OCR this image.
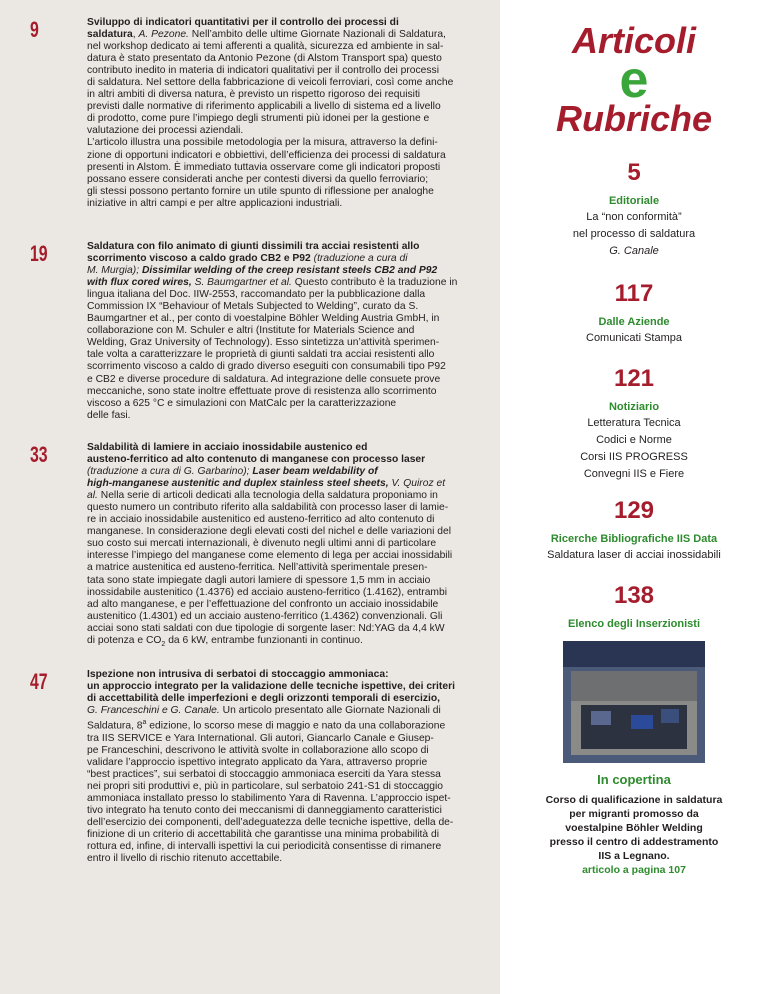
9	Sviluppo di indicatori quantitativi per il controllo dei processi di

saldatura, A. Pezone. Nell’ambito delle ultime Giornate Nazionali di Saldatura,

nel workshop dedicato ai temi afferenti a qualità, sicurezza ed ambiente in sal-

datura è stato presentato da Antonio Pezone (di Alstom Transport spa) questo

contributo inedito in materia di indicatori qualitativi per il controllo dei processi

di saldatura. Nel settore della fabbricazione di veicoli ferroviari, così come anche

in altri ambiti di diversa natura, è previsto un rispetto rigoroso dei requisiti

previsti dalle normative di riferimento applicabili a livello di sistema ed a livello

di prodotto, come pure l’impiego degli strumenti più idonei per la gestione e

valutazione dei processi aziendali.

L’articolo illustra una possibile metodologia per la misura, attraverso la defini-

zione di opportuni indicatori e obbiettivi, dell’efficienza dei processi di saldatura

presenti in Alstom. È immediato tuttavia osservare come gli indicatori proposti

possano essere considerati anche per contesti diversi da quello ferroviario;

gli stessi possono pertanto fornire un utile spunto di riflessione per analoghe

iniziative in altri campi e per altre applicazioni industriali.

19	Saldatura con filo animato di giunti dissimili tra acciai resistenti allo

scorrimento viscoso a caldo grado CB2 e P92 (traduzione a cura di

M. Murgia); Dissimilar welding of the creep resistant steels CB2 and P92

with flux cored wires, S. Baumgartner et al. Questo contributo è la traduzione in

lingua italiana del Doc. IIW-2553, raccomandato per la pubblicazione dalla

Commission IX “Behaviour of Metals Subjected to Welding”, curato da S.

Baumgartner et al., per conto di voestalpine Böhler Welding Austria GmbH, in

collaborazione con M. Schuler e altri (Institute for Materials Science and

Welding, Graz University of Technology). Esso sintetizza un’attività sperimen-

tale volta a caratterizzare le proprietà di giunti saldati tra acciai resistenti allo

scorrimento viscoso a caldo di grado diverso eseguiti con consumabili tipo P92

e CB2 e diverse procedure di saldatura. Ad integrazione delle consuete prove

meccaniche, sono state inoltre effettuate prove di resistenza allo scorrimento

viscoso a 625 °C e simulazioni con MatCalc per la caratterizzazione

delle fasi.

33	Saldabilità di lamiere in acciaio inossidabile austenico ed

austeno-ferritico ad alto contenuto di manganese con processo laser

(traduzione a cura di G. Garbarino); Laser beam weldability of

high-manganese austenitic and duplex stainless steel sheets, V. Quiroz et

al. Nella serie di articoli dedicati alla tecnologia della saldatura proponiamo in

questo numero un contributo riferito alla saldabilità con processo laser di lamie-

re in acciaio inossidabile austenitico ed austeno-ferritico ad alto contenuto di

manganese. In considerazione degli elevati costi del nichel e delle variazioni del

suo costo sui mercati internazionali, è divenuto negli ultimi anni di particolare

interesse l’impiego del manganese come elemento di lega per acciai inossidabili

a matrice austenitica ed austeno-ferritica. Nell’attività sperimentale presen-

tata sono state impiegate dagli autori lamiere di spessore 1,5 mm in acciaio

inossidabile austenitico (1.4376) ed acciaio austeno-ferritico (1.4162), entrambi

ad alto manganese, e per l’effettuazione del confronto un acciaio inossidabile

austenitico (1.4301) ed un acciaio austeno-ferritico (1.4362) convenzionali. Gli

acciai sono stati saldati con due tipologie di sorgente laser: Nd:YAG da 4,4 kW

di potenza e $CO_2$ da 6 kW, entrambe funzionanti in continuo.

47	Ispezione non intrusiva di serbatoi di stoccaggio ammoniaca:

un approccio integrato per la validazione delle tecniche ispettive, dei criteri

di accettabilità delle imperfezioni e degli orizzonti temporali di esercizio,

G. Franceschini e G. Canale. Un articolo presentato alle Giornate Nazionali di

Saldatura, 8$^a$ edizione, lo scorso mese di maggio e nato da una collaborazione

tra IIS SERVICE e Yara International. Gli autori, Giancarlo Canale e Giusep-

pe Franceschini, descrivono le attività svolte in collaborazione allo scopo di

validare l’approccio ispettivo integrato applicato da Yara, attraverso proprie

“best practices”, sui serbatoi di stoccaggio ammoniaca eserciti da Yara stessa

nei propri siti produttivi e, più in particolare, sul serbatoio 241-S1 di stoccaggio

ammoniaca installato presso lo stabilimento Yara di Ravenna. L’approccio ispet-

tivo integrato ha tenuto conto dei meccanismi di danneggiamento caratteristici

dell’esercizio dei componenti, dell’adeguatezza delle tecniche ispettive, della de-

finizione di un criterio di accettabilità che garantisse una minima probabilità di

rottura ed, infine, di intervalli ispettivi la cui periodicità consentisse di rimanere

entro il livello di rischio ritenuto accettabile.

Articoli
e
Rubriche
5
Editoriale
La “non conformità”
nel processo di saldatura
G. Canale
117
Dalle Aziende
Comunicati Stampa
121
Notiziario
Letteratura Tecnica
Codici e Norme
Corsi IIS PROGRESS
Convegni IIS e Fiere
129
Ricerche Bibliografiche IIS Data
Saldatura laser di acciai inossidabili
138
Elenco degli Inserzionisti
In copertina
Corso di qualificazione in saldatura
per migranti promosso da
voestalpine Böhler Welding
presso il centro di addestramento
IIS a Legnano.
articolo a pagina 107
